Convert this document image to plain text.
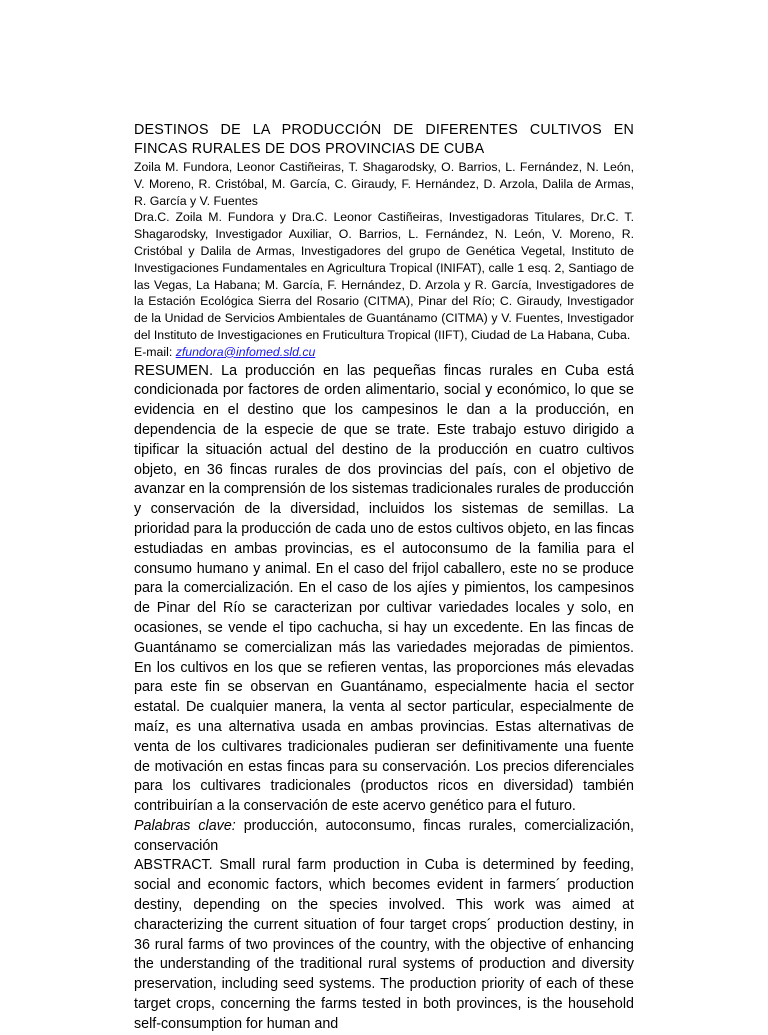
DESTINOS DE LA PRODUCCIÓN DE DIFERENTES CULTIVOS EN FINCAS RURALES DE DOS PROVINCIAS DE CUBA

Zoila M. Fundora, Leonor Castiñeiras, T. Shagarodsky, O. Barrios, L. Fernández, N. León, V. Moreno, R. Cristóbal, M. García, C. Giraudy, F. Hernández, D. Arzola, Dalila de Armas, R. García y V. Fuentes

Dra.C. Zoila M. Fundora y Dra.C. Leonor Castiñeiras, Investigadoras Titulares, Dr.C. T. Shagarodsky, Investigador Auxiliar, O. Barrios, L. Fernández, N. León, V. Moreno, R. Cristóbal y Dalila de Armas, Investigadores del grupo de Genética Vegetal, Instituto de Investigaciones Fundamentales en Agricultura Tropical (INIFAT), calle 1 esq. 2, Santiago de las Vegas, La Habana; M. García, F. Hernández, D. Arzola y R. García, Investigadores de la Estación Ecológica Sierra del Rosario (CITMA), Pinar del Río; C. Giraudy, Investigador de la Unidad de Servicios Ambientales de Guantánamo (CITMA) y V. Fuentes, Investigador del Instituto de Investigaciones en Fruticultura Tropical (IIFT), Ciudad de La Habana, Cuba.

E-mail: zfundora@infomed.sld.cu

RESUMEN. La producción en las pequeñas fincas rurales en Cuba está condicionada por factores de orden alimentario, social y económico, lo que se evidencia en el destino que los campesinos le dan a la producción, en dependencia de la especie de que se trate. Este trabajo estuvo dirigido a tipificar la situación actual del destino de la producción en cuatro cultivos objeto, en 36 fincas rurales de dos provincias del país, con el objetivo de avanzar en la comprensión de los sistemas tradicionales rurales de producción y conservación de la diversidad, incluidos los sistemas de semillas. La prioridad para la producción de cada uno de estos cultivos objeto, en las fincas estudiadas en ambas provincias, es el autoconsumo de la familia para el consumo humano y animal. En el caso del frijol caballero, este no se produce para la comercialización. En el caso de los ajíes y pimientos, los campesinos de Pinar del Río se caracterizan por cultivar variedades locales y solo, en ocasiones, se vende el tipo cachucha, si hay un excedente. En las fincas de Guantánamo se comercializan más las variedades mejoradas de pimientos. En los cultivos en los que se refieren ventas, las proporciones más elevadas para este fin se observan en Guantánamo, especialmente hacia el sector estatal. De cualquier manera, la venta al sector particular, especialmente de maíz, es una alternativa usada en ambas provincias. Estas alternativas de venta de los cultivares tradicionales pudieran ser definitivamente una fuente de motivación en estas fincas para su conservación. Los precios diferenciales para los cultivares tradicionales (productos ricos en diversidad) también contribuirían a la conservación de este acervo genético para el futuro.

Palabras clave: producción, autoconsumo, fincas rurales, comercialización, conservación

ABSTRACT. Small rural farm production in Cuba is determined by feeding, social and economic factors, which becomes evident in farmers´ production destiny, depending on the species involved. This work was aimed at characterizing the current situation of four target crops´ production destiny, in 36 rural farms of two provinces of the country, with the objective of enhancing the understanding of the traditional rural systems of production and diversity preservation, including seed systems. The production priority of each of these target crops, concerning the farms tested in both provinces, is the household self-consumption for human and
